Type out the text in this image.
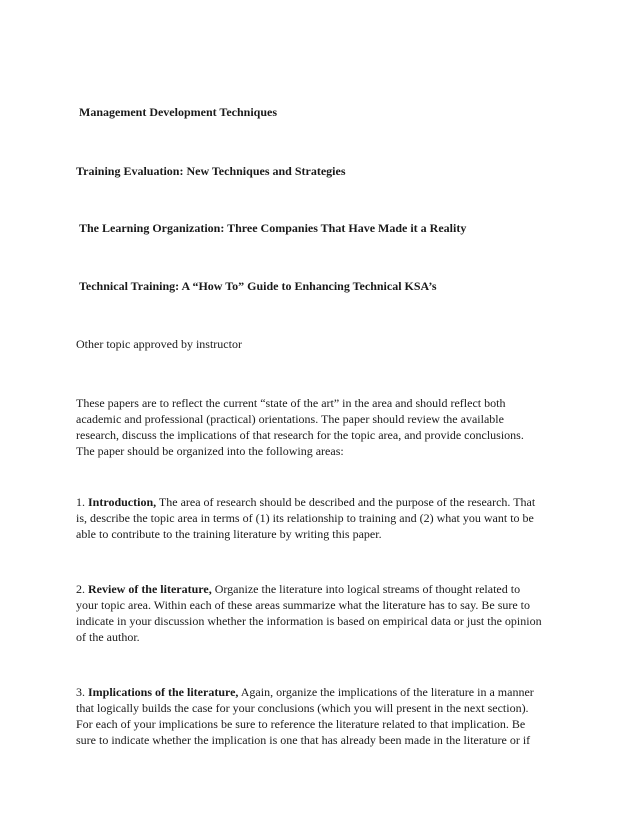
Management Development Techniques
Training Evaluation: New Techniques and Strategies
The Learning Organization: Three Companies That Have Made it a Reality
Technical Training: A “How To” Guide to Enhancing Technical KSA’s
Other topic approved by instructor
These papers are to reflect the current “state of the art” in the area and should reflect both
academic and professional (practical) orientations. The paper should review the available
research, discuss the implications of that research for the topic area, and provide conclusions.
The paper should be organized into the following areas:
1. Introduction, The area of research should be described and the purpose of the research. That
is, describe the topic area in terms of (1) its relationship to training and (2) what you want to be
able to contribute to the training literature by writing this paper.
2. Review of the literature, Organize the literature into logical streams of thought related to
your topic area. Within each of these areas summarize what the literature has to say. Be sure to
indicate in your discussion whether the information is based on empirical data or just the opinion
of the author.
3. Implications of the literature, Again, organize the implications of the literature in a manner
that logically builds the case for your conclusions (which you will present in the next section).
For each of your implications be sure to reference the literature related to that implication. Be
sure to indicate whether the implication is one that has already been made in the literature or if
